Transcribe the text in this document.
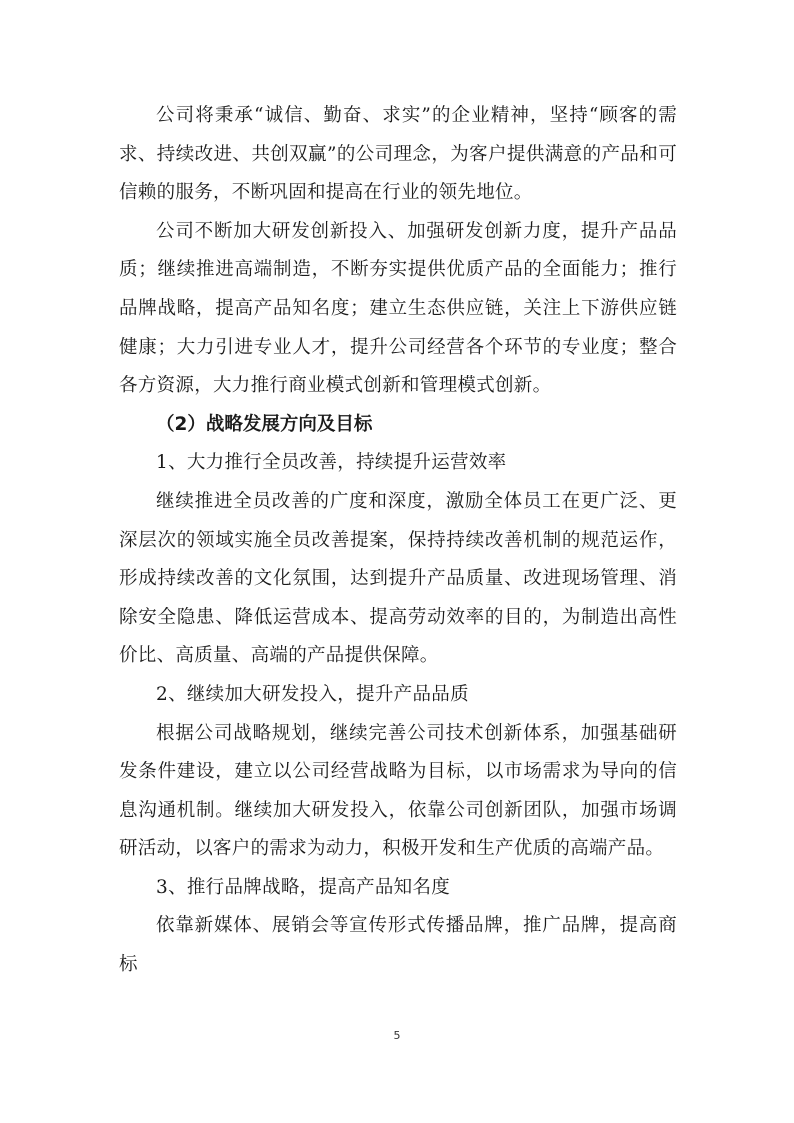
公司将秉承“诚信、勤奋、求实”的企业精神，坚持“顾客的需求、持续改进、共创双赢”的公司理念，为客户提供满意的产品和可信赖的服务，不断巩固和提高在行业的领先地位。

公司不断加大研发创新投入、加强研发创新力度，提升产品品质；继续推进高端制造，不断夯实提供优质产品的全面能力；推行品牌战略，提高产品知名度；建立生态供应链，关注上下游供应链健康；大力引进专业人才，提升公司经营各个环节的专业度；整合各方资源，大力推行商业模式创新和管理模式创新。

（2）战略发展方向及目标

1、大力推行全员改善，持续提升运营效率

继续推进全员改善的广度和深度，激励全体员工在更广泛、更深层次的领域实施全员改善提案，保持持续改善机制的规范运作，形成持续改善的文化氛围，达到提升产品质量、改进现场管理、消除安全隐患、降低运营成本、提高劳动效率的目的，为制造出高性价比、高质量、高端的产品提供保障。

2、继续加大研发投入，提升产品品质

根据公司战略规划，继续完善公司技术创新体系，加强基础研发条件建设，建立以公司经营战略为目标，以市场需求为导向的信息沟通机制。继续加大研发投入，依靠公司创新团队，加强市场调研活动，以客户的需求为动力，积极开发和生产优质的高端产品。

3、推行品牌战略，提高产品知名度

依靠新媒体、展销会等宣传形式传播品牌，推广品牌，提高商标

5
